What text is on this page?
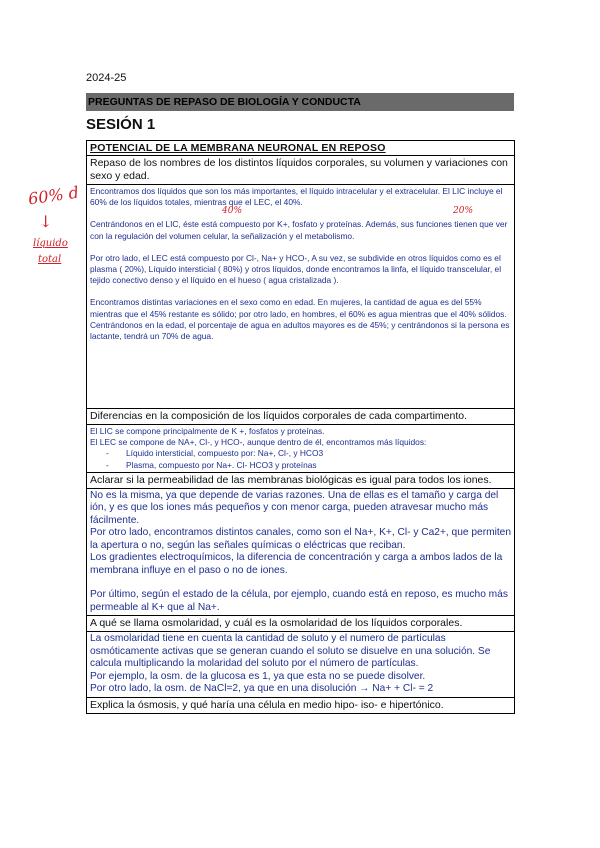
2024-25
PREGUNTAS DE REPASO DE BIOLOGÍA Y CONDUCTA
SESIÓN 1
60% d
↓
líquido
total
40%	20%
POTENCIAL DE LA MEMBRANA NEURONAL EN REPOSO
Repaso de los nombres de los distintos líquidos corporales, su volumen y variaciones con sexo y edad.

Encontramos dos líquidos que son los más importantes, el líquido intracelular y el extracelular. El LIC incluye el 60% de los líquidos totales, mientras que el LEC, el 40%.

Centrándonos en el LIC, éste está compuesto por K+, fosfato y proteínas. Además, sus funciones tienen que ver con la regulación del volumen celular, la señalización y el metabolismo.

Por otro lado, el LEC está compuesto por Cl-, Na+ y HCO-, A su vez, se subdivide en otros líquidos como es el plasma ( 20%), Líquido intersticial ( 80%) y otros líquidos, donde encontramos la linfa, el líquido transcelular, el tejido conectivo denso y el líquido en el hueso ( agua cristalizada ).

Encontramos distintas variaciones en el sexo como en edad. En mujeres, la cantidad de agua es del 55% mientras que el 45% restante es sólido; por otro lado, en hombres, el 60% es agua mientras que el 40% sólidos.

Centrándonos en la edad, el porcentaje de agua en adultos mayores es de 45%; y centrándonos si la persona es lactante, tendrá un 70% de agua.

Diferencias en la composición de los líquidos corporales de cada compartimento.

El LIC se compone principalmente de K +, fosfatos y proteínas.

El LEC se compone de NA+, Cl-, y HCO-, aunque dentro de él, encontramos más líquidos:

- Líquido intersticial, compuesto por: Na+, Cl-, y HCO3
- Plasma, compuesto por Na+. Cl- HCO3 y proteínas
Aclarar si la permeabilidad de las membranas biológicas es igual para todos los iones.

No es la misma, ya que depende de varias razones. Una de ellas es el tamaño y carga del ión, y es que los iones más pequeños y con menor carga, pueden atravesar mucho más fácilmente.

Por otro lado, encontramos distintos canales, como son el Na+, K+, Cl- y Ca2+, que permiten la apertura o no, según las señales químicas o eléctricas que reciban.

Los gradientes electroquímicos, la diferencia de concentración y carga a ambos lados de la membrana influye en el paso o no de iones.

Por último, según el estado de la célula, por ejemplo, cuando está en reposo, es mucho más permeable al K+ que al Na+.

A qué se llama osmolaridad, y cuál es la osmolaridad de los líquidos corporales.

La osmolaridad tiene en cuenta la cantidad de soluto y el numero de partículas osmóticamente activas que se generan cuando el soluto se disuelve en una solución. Se calcula multiplicando la molaridad del soluto por el número de partículas.

Por ejemplo, la osm. de la glucosa es 1, ya que esta no se puede disolver.

Por otro lado, la osm. de NaCl=2, ya que en una disolución → Na+ + Cl- = 2

Explica la ósmosis, y qué haría una célula en medio hipo- iso- e hipertónico.
